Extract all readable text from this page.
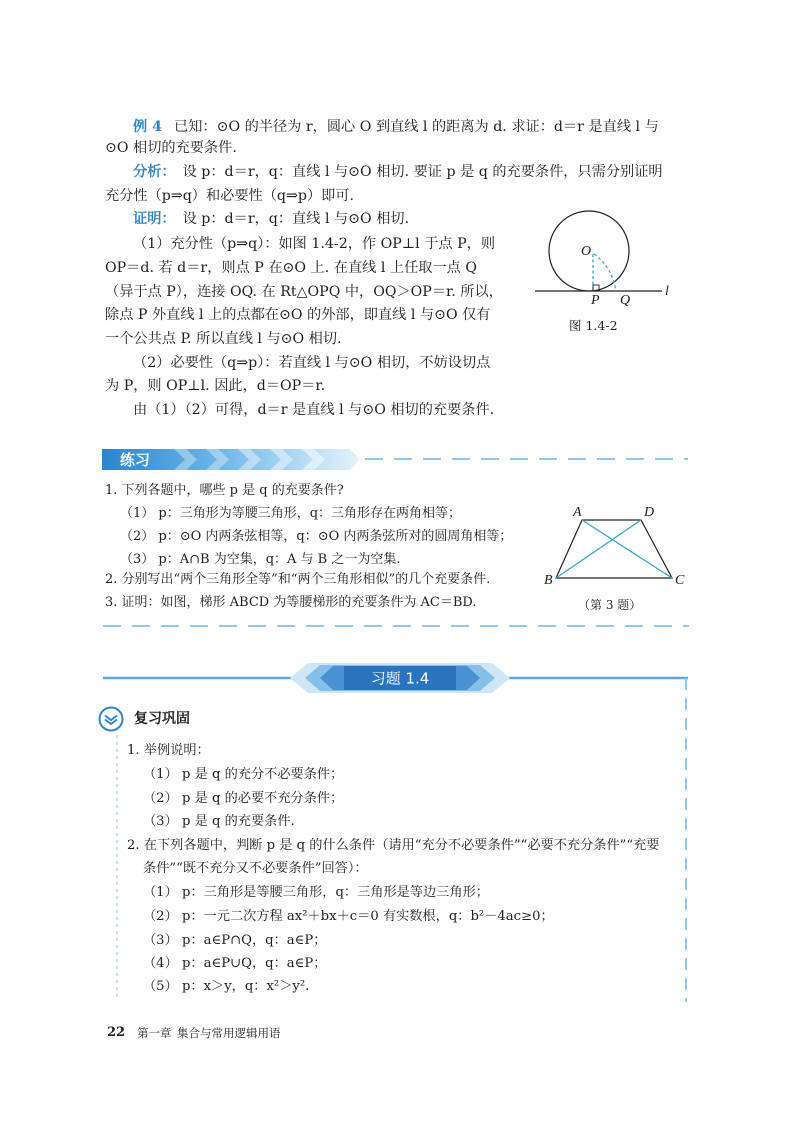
例 4 已知：⊙O 的半径为 r，圆心 O 到直线 l 的距离为 d. 求证：d＝r 是直线 l 与
⊙O 相切的充要条件.
分析： 设 p：d＝r，q：直线 l 与⊙O 相切. 要证 p 是 q 的充要条件，只需分别证明
充分性（p⇒q）和必要性（q⇒p）即可.
证明： 设 p：d＝r，q：直线 l 与⊙O 相切.
（1）充分性（p⇒q）：如图 1.4-2，作 OP⊥l 于点 P，则
OP＝d. 若 d＝r，则点 P 在⊙O 上. 在直线 l 上任取一点 Q
（异于点 P），连接 OQ. 在 Rt△OPQ 中，OQ＞OP＝r. 所以，
除点 P 外直线 l 上的点都在⊙O 的外部，即直线 l 与⊙O 仅有
一个公共点 P. 所以直线 l 与⊙O 相切.
（2）必要性（q⇒p）：若直线 l 与⊙O 相切，不妨设切点
为 P，则 OP⊥l. 因此，d＝OP＝r.
由（1）（2）可得，d＝r 是直线 l 与⊙O 相切的充要条件.
O
P Q
l
图 1.4-2
练习
1. 下列各题中，哪些 p 是 q 的充要条件?
（1） p：三角形为等腰三角形，q：三角形存在两角相等；
（2） p：⊙O 内两条弦相等，q：⊙O 内两条弦所对的圆周角相等；
（3） p：A∩B 为空集，q：A 与 B 之一为空集.
2. 分别写出“两个三角形全等”和“两个三角形相似”的几个充要条件.
3. 证明：如图，梯形 ABCD 为等腰梯形的充要条件为 AC＝BD.
A	D
B	C
（第 3 题）
习题 1.4
复习巩固
1. 举例说明：
（1） p 是 q 的充分不必要条件；
（2） p 是 q 的必要不充分条件；
（3） p 是 q 的充要条件.
2. 在下列各题中，判断 p 是 q 的什么条件（请用“充分不必要条件”“必要不充分条件”“充要
条件”“既不充分又不必要条件”回答）：
（1） p：三角形是等腰三角形，q：三角形是等边三角形；
（2） p：一元二次方程 ax²＋bx＋c＝0 有实数根，q：b²－4ac≥0；
（3） p：a∈P∩Q，q：a∈P；
（4） p：a∈P∪Q，q：a∈P；
（5） p：x＞y，q：x²＞y².
22 第一章 集合与常用逻辑用语
